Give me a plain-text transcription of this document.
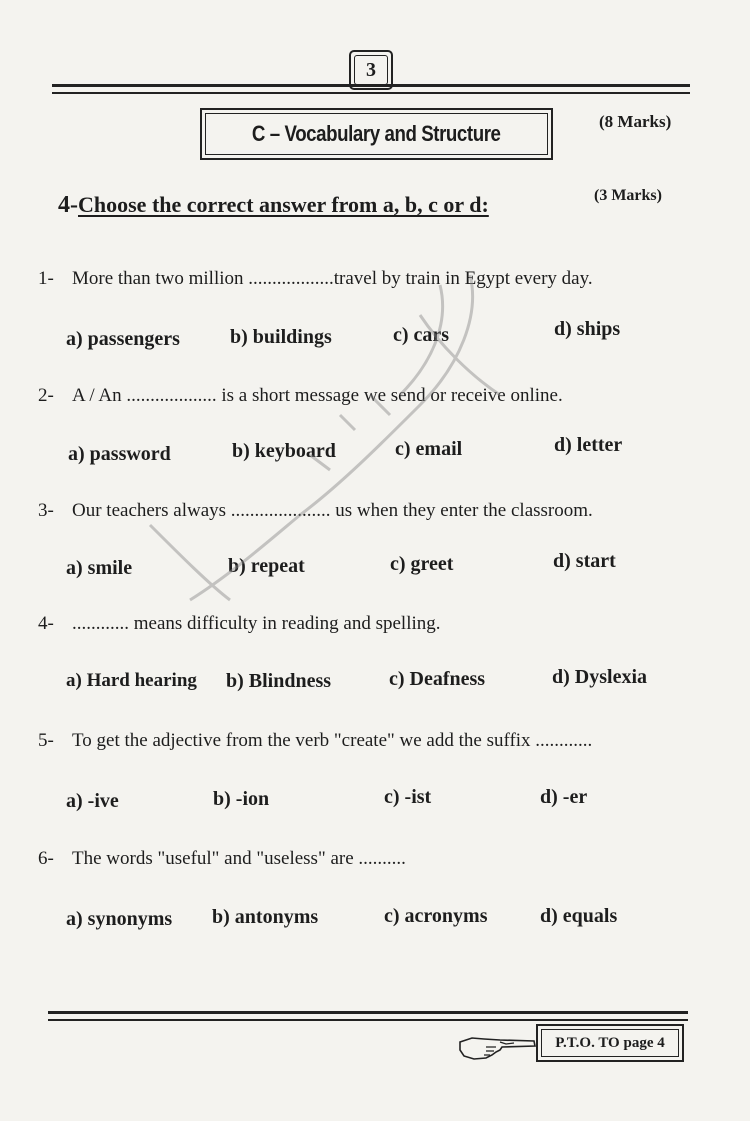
3
C – Vocabulary and Structure	(8 Marks)
4-Choose the correct answer from a, b, c or d:	(3 Marks)
1- More than two million ..................travel by train in Egypt every day.
a) passengers	b) buildings	c) cars	d) ships
2- A / An ................... is a short message we send or receive online.
a) password	b) keyboard	c) email	d) letter
3- Our teachers always ..................... us when they enter the classroom.
a) smile	b) repeat	c) greet	d) start
4- ............ means difficulty in reading and spelling.
a) Hard hearing b) Blindness	c) Deafness	d) Dyslexia
5- To get the adjective from the verb "create" we add the suffix ............
a) -ive	b) -ion	c) -ist	d) -er
6- The words "useful" and "useless" are ..........
a) synonyms b) antonyms	c) acronyms	d) equals
P.T.O. TO page 4
